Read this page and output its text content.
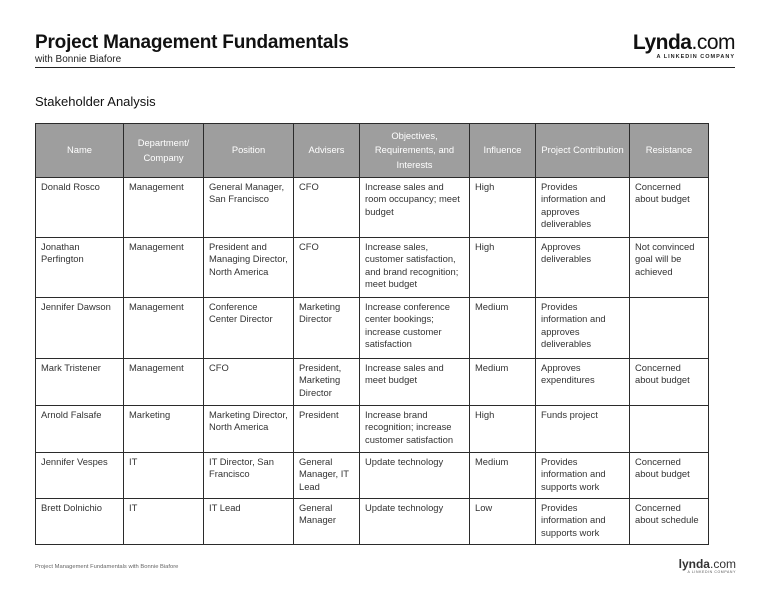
Project Management Fundamentals
with Bonnie Biafore
Lynda.com
A LINKEDIN COMPANY
Stakeholder Analysis
Name	Department/ Company	Position	Advisers	Objectives, Requirements, and Interests	Influence	Project Contribution	Resistance
Donald Rosco	Management	General Manager, San Francisco	CFO	Increase sales and room occupancy; meet budget	High	Provides information and approves deliverables	Concerned about budget
Jonathan Perfington	Management	President and Managing Director, North America	CFO	Increase sales, customer satisfaction, and brand recognition; meet budget	High	Approves deliverables	Not convinced goal will be achieved
Jennifer Dawson	Management	Conference Center Director	Marketing Director	Increase conference center bookings; increase customer satisfaction	Medium	Provides information and approves deliverables	
Mark Tristener	Management	CFO	President, Marketing Director	Increase sales and meet budget	Medium	Approves expenditures	Concerned about budget
Arnold Falsafe	Marketing	Marketing Director, North America	President	Increase brand recognition; increase customer satisfaction	High	Funds project	
Jennifer Vespes	IT	IT Director, San Francisco	General Manager, IT Lead	Update technology	Medium	Provides information and supports work	Concerned about budget
Brett Dolnichio	IT	IT Lead	General Manager	Update technology	Low	Provides information and supports work	Concerned about schedule
Project Management Fundamentals with Bonnie Biafore	lynda.com
A LINKEDIN COMPANY
